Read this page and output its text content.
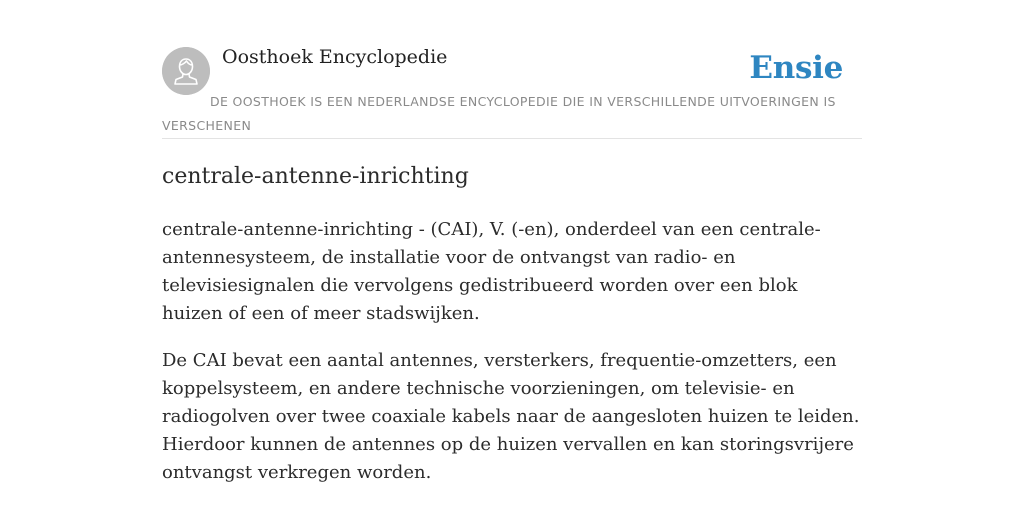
Oosthoek Encyclopedie	Ensie
DE OOSTHOEK IS EEN NEDERLANDSE ENCYCLOPEDIE DIE IN VERSCHILLENDE UITVOERINGEN IS VERSCHENEN
centrale-antenne-inrichting

centrale-antenne-inrichting - (CAI), V. (-en), onderdeel van een centrale-antennesysteem, de installatie voor de ontvangst van radio- en televisiesignalen die vervolgens gedistribueerd worden over een blok huizen of een of meer stadswijken.

De CAI bevat een aantal antennes, versterkers, frequentie-omzetters, een koppelsysteem, en andere technische voorzieningen, om televisie- en radiogolven over twee coaxiale kabels naar de aangesloten huizen te leiden. Hierdoor kunnen de antennes op de huizen vervallen en kan storingsvrijere ontvangst verkregen worden.
